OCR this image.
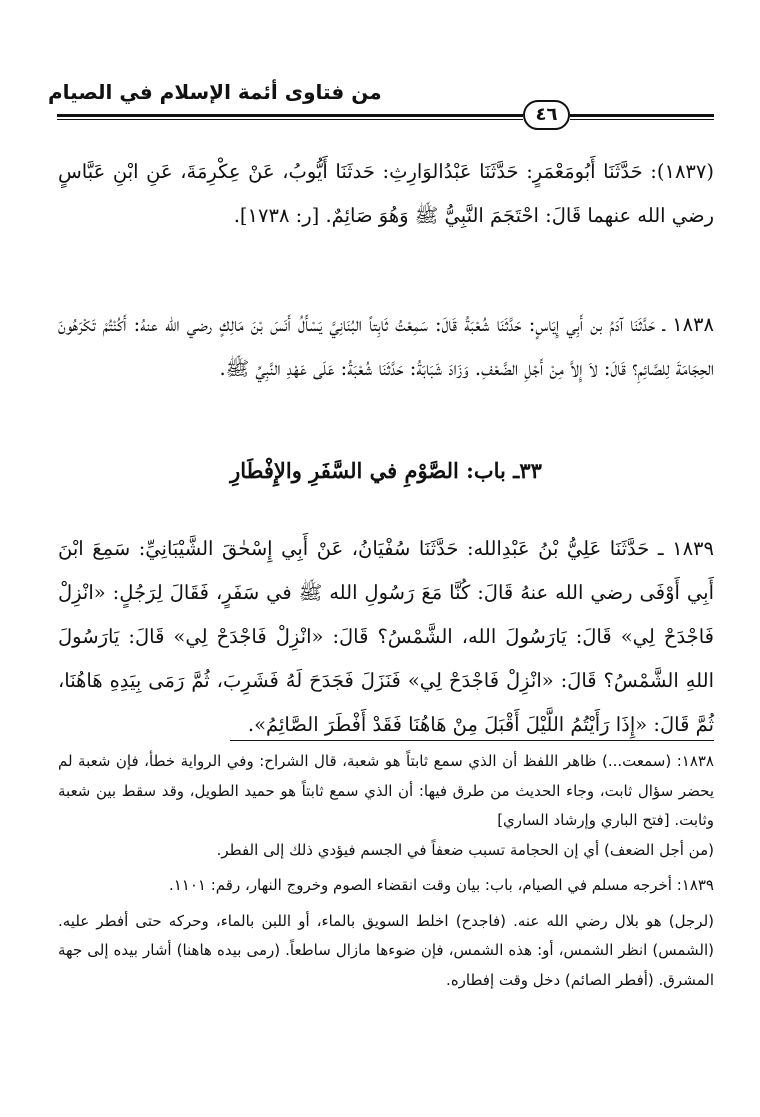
من فتاوى أئمة الإسلام في الصيام
٤٦

(١٨٣٧): حَدَّثَنَا أَبُومَعْمَرٍ: حَدَّثَنَا عَبْدُالوَارِثِ: حَدثَنَا أَيُّوبُ، عَنْ عِكْرِمَةَ، عَنِ ابْنِ عَبَّاسٍ رضي الله عنهما قَالَ: احْتَجَمَ النَّبِيُّ ﷺ وَهُوَ صَائِمٌ. [ر: ١٧٣٨].

١٨٣٨ ـ حَدَّثَنَا آدَمُ بن أَبِي إِيَاسٍ: حَدَّثَنَا شُعْبَةُ قَالَ: سَمِعْتُ ثَابِتاً البُنَانِيَّ يَسْأَلُ أَنَسَ بْنَ مَالِكٍ رضي الله عنهُ: أَكُنْتُمْ تَكْرَهُونَ الحِجَامَةَ لِلصَّائِمِ؟ قَالَ: لاَ إِلاَّ مِنْ أَجْلِ الضَّعْفِ. وَزَادَ شَبَابَةُ: حَدَّثَنَا شُعْبَةُ: عَلَى عَهْدِ النَّبِيِّ ﷺ.

٣٣ـ باب: الصَّوْمِ في السَّفَرِ والإِفْطَارِ

١٨٣٩ ـ حَدَّثَنَا عَلِيُّ بْنُ عَبْدِالله: حَدَّثَنَا سُفْيَانُ، عَنْ أَبِي إِسْحٰقَ الشَّيْبَانِيِّ: سَمِعَ ابْنَ أَبِي أَوْفَى رضي الله عنهُ قَالَ: كُنَّا مَعَ رَسُولِ الله ﷺ في سَفَرٍ، فَقَالَ لِرَجُلٍ: «انْزِلْ فَاجْدَحْ لِي» قَالَ: يَارَسُولَ الله، الشَّمْسُ؟ قَالَ: «انْزِلْ فَاجْدَحْ لِي» قَالَ: يَارَسُولَ اللهِ الشَّمْسُ؟ قَالَ: «انْزِلْ فَاجْدَحْ لِي» فَنَزَلَ فَجَدَحَ لَهُ فَشَرِبَ، ثُمَّ رَمَى بِيَدِهِ هَاهُنَا، ثُمَّ قَالَ: «إِذَا رَأَيْتُمُ اللَّيْلَ أَقْبَلَ مِنْ هَاهُنَا فَقَدْ أَفْطَرَ الصَّائِمُ».

١٨٣٨: (سمعت...) ظاهر اللفظ أن الذي سمع ثابتاً هو شعبة، قال الشراح: وفي الرواية خطأ، فإن شعبة لم يحضر سؤال ثابت، وجاء الحديث من طرق فيها: أن الذي سمع ثابتاً هو حميد الطويل، وقد سقط بين شعبة وثابت. [فتح الباري وإرشاد الساري]

(من أجل الضعف) أي إن الحجامة تسبب ضعفاً في الجسم فيؤدي ذلك إلى الفطر.

١٨٣٩: أخرجه مسلم في الصيام، باب: بيان وقت انقضاء الصوم وخروج النهار، رقم: ١١٠١.

(لرجل) هو بلال رضي الله عنه. (فاجدح) اخلط السويق بالماء، أو اللبن بالماء، وحركه حتى أفطر عليه. (الشمس) انظر الشمس، أو: هذه الشمس، فإن ضوءها مازال ساطعاً. (رمى بيده هاهنا) أشار بيده إلى جهة المشرق. (أفطر الصائم) دخل وقت إفطاره.
